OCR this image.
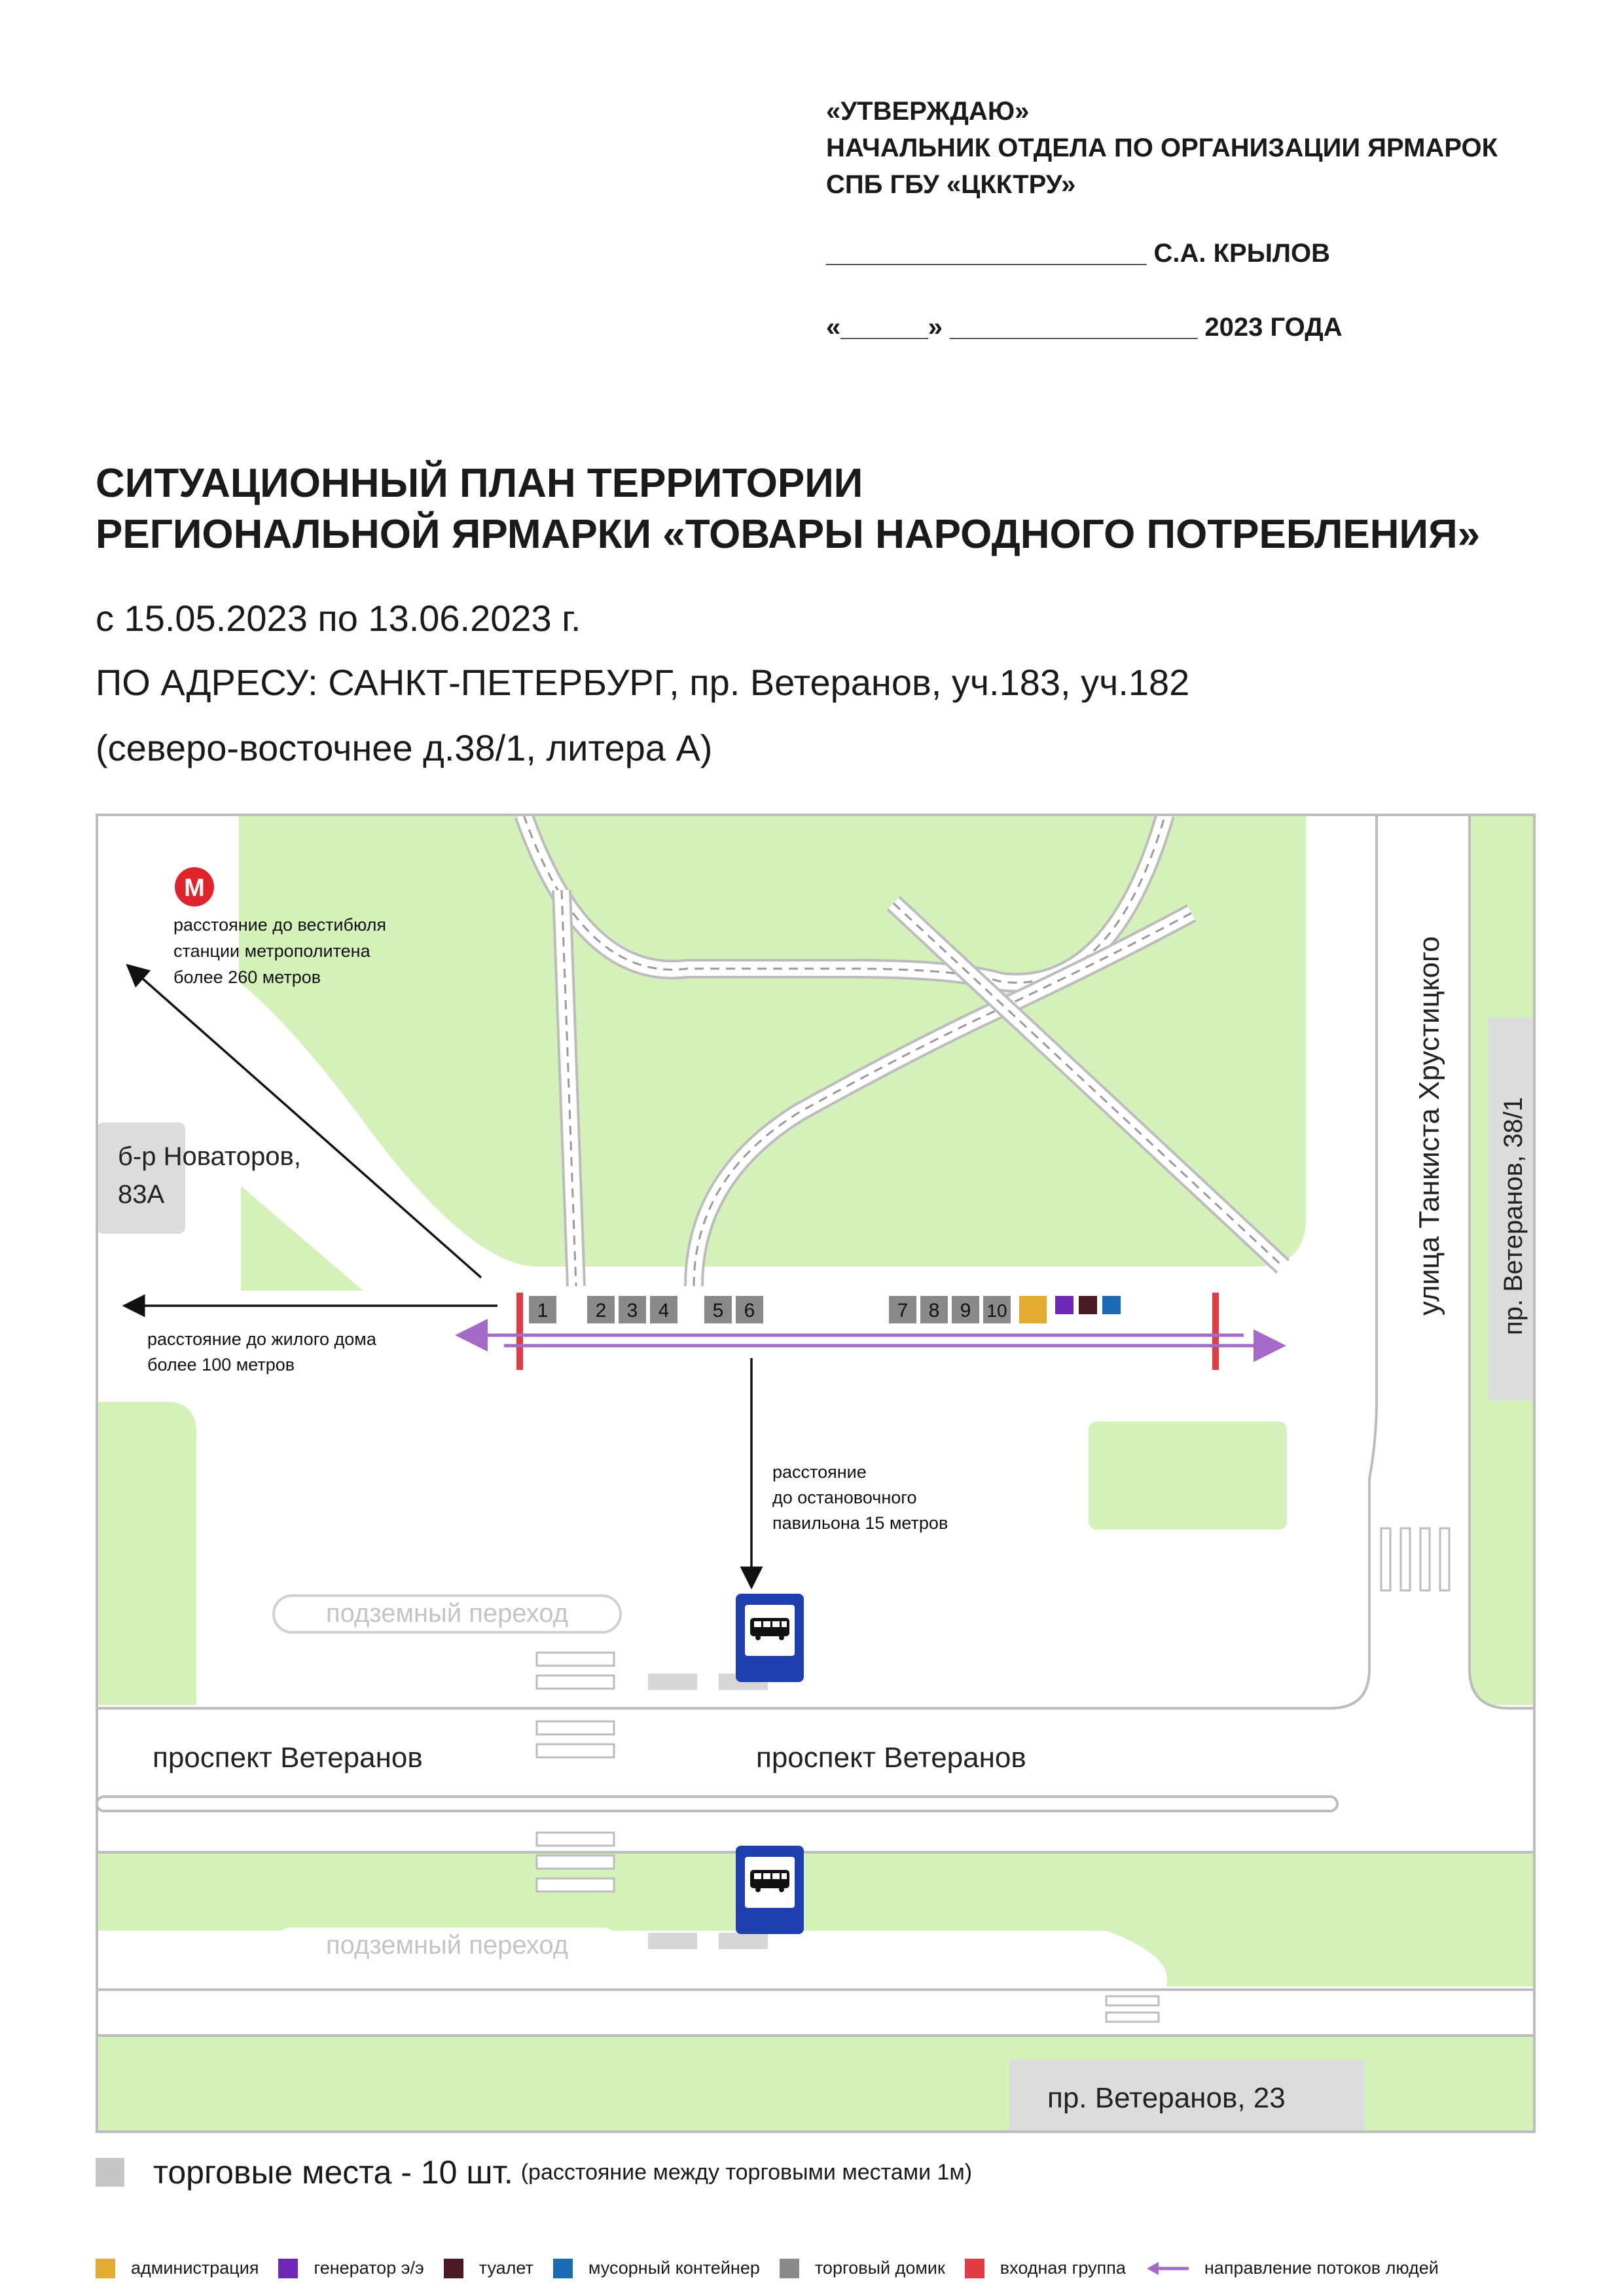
«УТВЕРЖДАЮ»
НАЧАЛЬНИК ОТДЕЛА ПО ОРГАНИЗАЦИИ ЯРМАРОК
СПБ ГБУ «ЦККТРУ»
______________________ С.А. КРЫЛОВ
«______» _________________ 2023 ГОДА
СИТУАЦИОННЫЙ ПЛАН ТЕРРИТОРИИ
РЕГИОНАЛЬНОЙ ЯРМАРКИ «ТОВАРЫ НАРОДНОГО ПОТРЕБЛЕНИЯ»
с 15.05.2023 по 13.06.2023 г.
ПО АДРЕСУ: САНКТ-ПЕТЕРБУРГ, пр. Ветеранов, уч.183, уч.182
(северо-восточнее д.38/1, литера А)
М
расстояние до вестибюля станции метрополитена более 260 метров
б-р Новаторов, 83А
расстояние до жилого дома более 100 метров
1 2 3 4 5 6	7 8 9 10
расстояние до остановочного павильона 15 метров
подземный переход
подземный переход
проспект Ветеранов	проспект Ветеранов
улица Танкиста Хрустицкого пр. Ветеранов, 38/1
пр. Ветеранов, 23
торговые места - 10 шт. (расстояние между торговыми местами 1м)
администрация	генератор э/э	туалет	мусорный контейнер	торговый домик	входная группа	направление потоков людей
